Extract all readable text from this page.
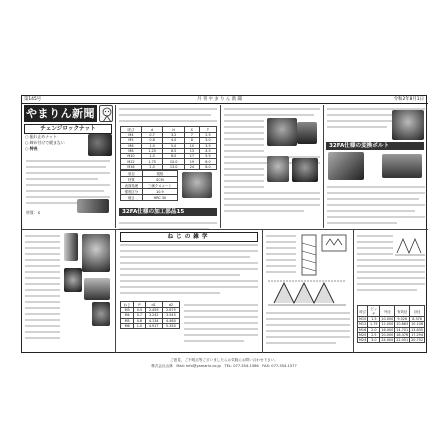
第145号	月 刊 や ま り ん 新 聞	令和2年8月1日
やまりん新聞
チェンジロックナット
○ 振れ止めナット
○ 締め付けで緩まない
○ 特長
材質：S
呼び	d	H	S	T
M4	0.7	3.2	7	2.5
M5	0.8	4.0	8	3.0
M6	1.0	5.0	10	3.5
M8	1.25	6.5	13	4.5
M10	1.5	8.0	17	5.5
M12	1.75	10.0	19	6.0
M16	2.0	13.0	24	8.0
項目	規格
材質	SCM
表面処理	三価クロメート
強度区分	10.9
硬さ	HRC 30
32FA仕様の加工部品15
32FA仕様の変換ボルト
ねじの雑学
ねじ	P	d1	d2
M3	0.5	2.459	2.675
M4	0.7	3.242	3.545
M5	0.8	4.134	4.480
M6	1.0	4.917	5.350
呼び	ピッチ	外径	有効径	谷径
M10	1.5	10.000	9.026	8.376
M12	1.75	12.000	10.863	10.106
M16	2.0	16.000	14.701	13.835
M20	2.5	20.000	18.376	17.294
M24	3.0	24.000	22.051	20.752
ご意見、ご不明点等ございましたらお気軽にお問い合わせ下さい。
株式会社山林　Mail: info@yamarin.co.jp　TEL: 077-554-1566　FAX: 077-554-1577
